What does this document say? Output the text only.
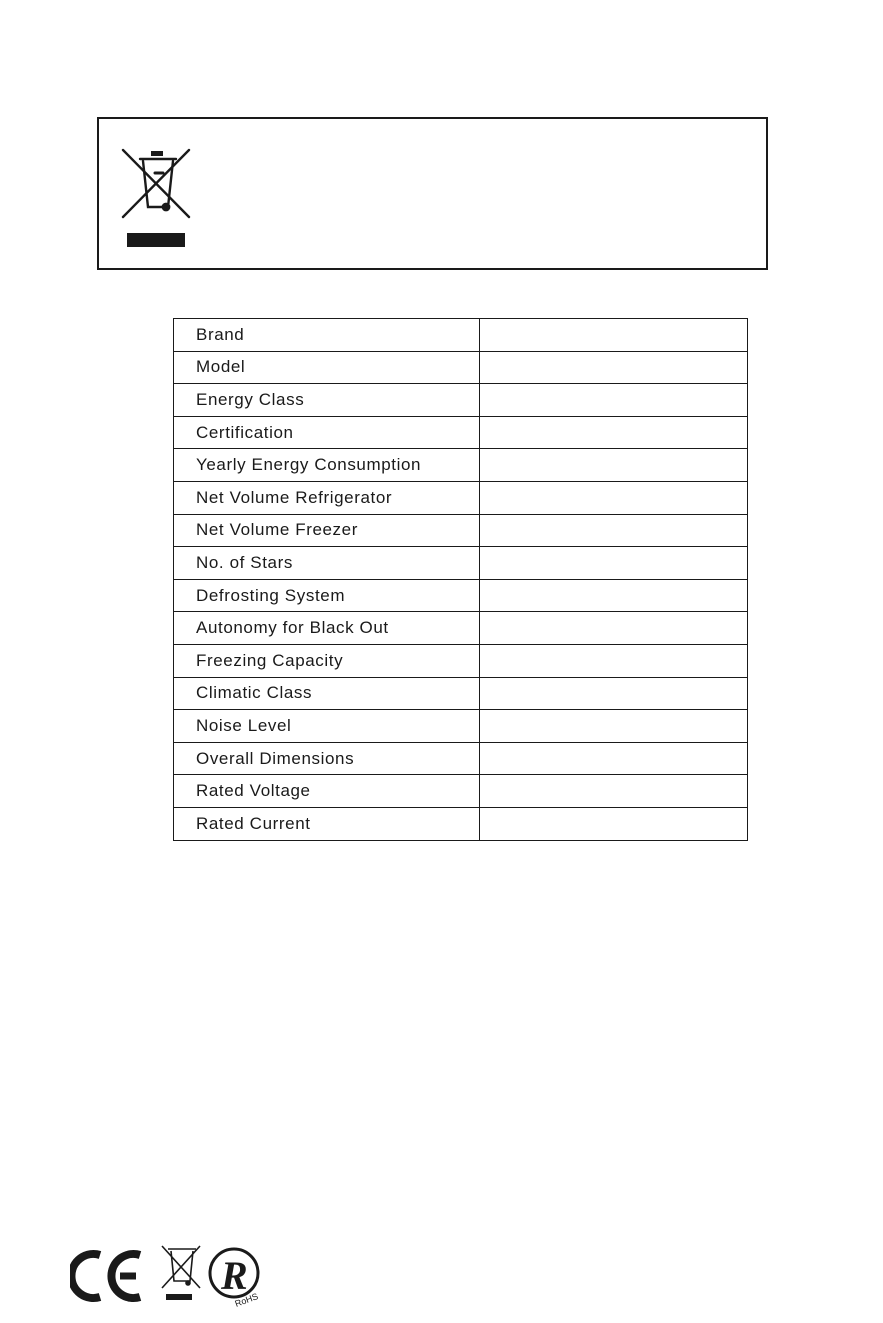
Brand	
Model	
Energy Class	
Certification	
Yearly Energy Consumption	
Net Volume Refrigerator	
Net Volume Freezer	
No. of Stars	
Defrosting System	
Autonomy for Black Out	
Freezing Capacity	
Climatic Class	
Noise Level	
Overall Dimensions	
Rated Voltage	
Rated Current	
R
RoHS
